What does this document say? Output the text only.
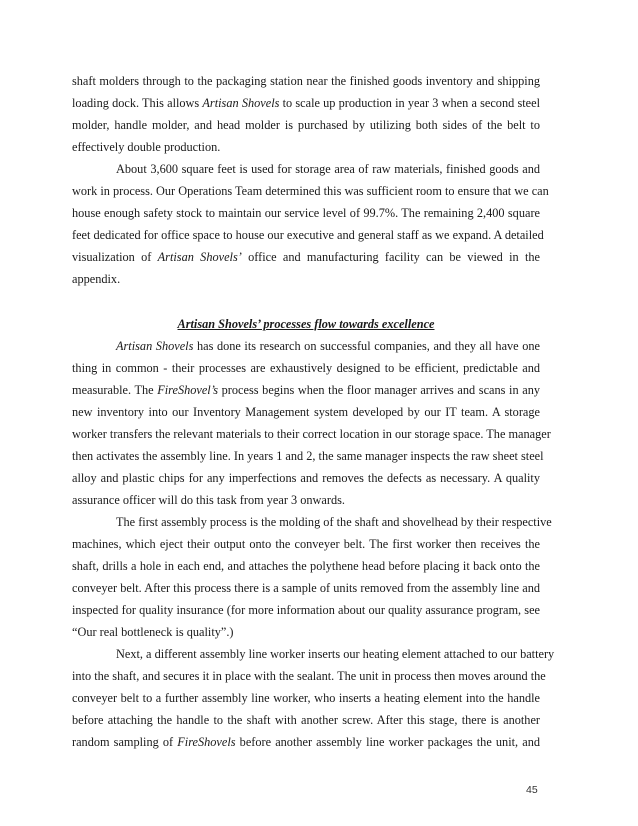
shaft molders through to the packaging station near the finished goods inventory and shipping
loading dock. This allows Artisan Shovels to scale up production in year 3 when a second steel
molder, handle molder, and head molder is purchased by utilizing both sides of the belt to
effectively double production.
About 3,600 square feet is used for storage area of raw materials, finished goods and
work in process. Our Operations Team determined this was sufficient room to ensure that we can
house enough safety stock to maintain our service level of 99.7%. The remaining 2,400 square
feet dedicated for office space to house our executive and general staff as we expand. A detailed
visualization of Artisan Shovels’ office and manufacturing facility can be viewed in the
appendix.
Artisan Shovels’ processes flow towards excellence
Artisan Shovels has done its research on successful companies, and they all have one
thing in common - their processes are exhaustively designed to be efficient, predictable and
measurable. The FireShovel’s process begins when the floor manager arrives and scans in any
new inventory into our Inventory Management system developed by our IT team. A storage
worker transfers the relevant materials to their correct location in our storage space. The manager
then activates the assembly line. In years 1 and 2, the same manager inspects the raw sheet steel
alloy and plastic chips for any imperfections and removes the defects as necessary. A quality
assurance officer will do this task from year 3 onwards.
The first assembly process is the molding of the shaft and shovelhead by their respective
machines, which eject their output onto the conveyer belt. The first worker then receives the
shaft, drills a hole in each end, and attaches the polythene head before placing it back onto the
conveyer belt. After this process there is a sample of units removed from the assembly line and
inspected for quality insurance (for more information about our quality assurance program, see
“Our real bottleneck is quality”.)
Next, a different assembly line worker inserts our heating element attached to our battery
into the shaft, and secures it in place with the sealant. The unit in process then moves around the
conveyer belt to a further assembly line worker, who inserts a heating element into the handle
before attaching the handle to the shaft with another screw. After this stage, there is another
random sampling of FireShovels before another assembly line worker packages the unit, and
45
